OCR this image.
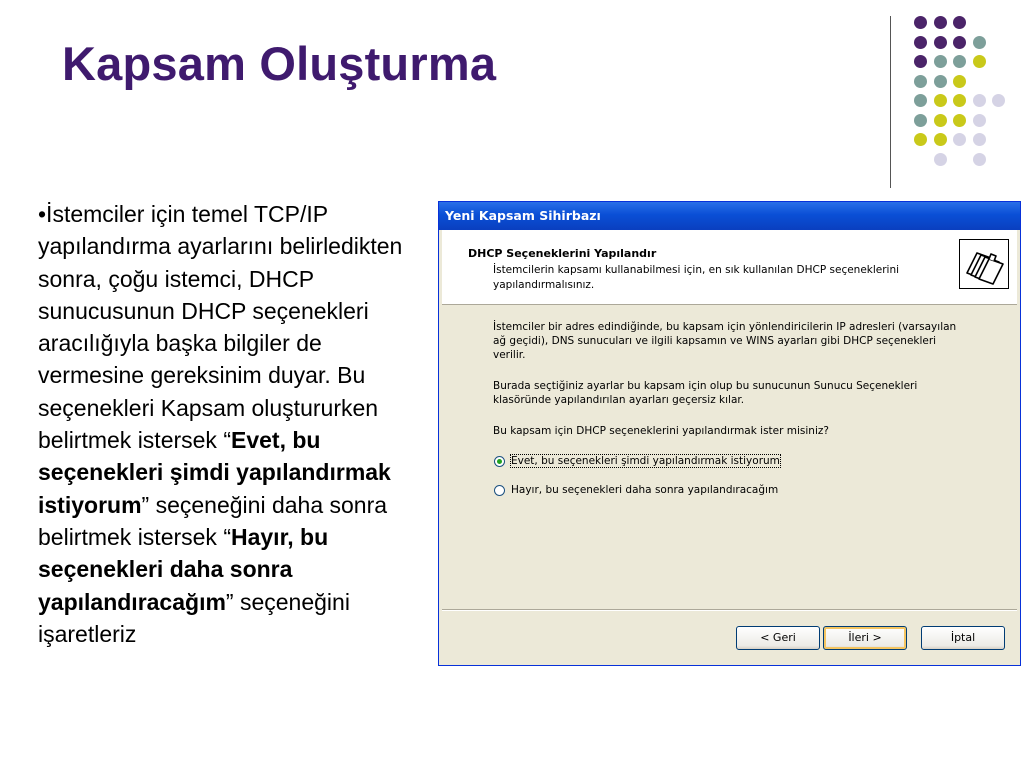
Kapsam Oluşturma

•İstemciler için temel TCP/IP yapılandırma ayarlarını belirledikten sonra, çoğu istemci, DHCP sunucusunun DHCP seçenekleri aracılığıyla başka bilgiler de vermesine gereksinim duyar. Bu seçenekleri Kapsam oluştururken belirtmek istersek “Evet, bu seçenekleri şimdi yapılandırmak istiyorum” seçeneğini daha sonra belirtmek istersek “Hayır, bu seçenekleri daha sonra yapılandıracağım” seçeneğini işaretleriz

Yeni Kapsam Sihirbazı
DHCP Seçeneklerini Yapılandır
İstemcilerin kapsamı kullanabilmesi için, en sık kullanılan DHCP seçeneklerini yapılandırmalısınız.

İstemciler bir adres edindiğinde, bu kapsam için yönlendiricilerin IP adresleri (varsayılan ağ geçidi), DNS sunucuları ve ilgili kapsamın ve WINS ayarları gibi DHCP seçenekleri verilir.

Burada seçtiğiniz ayarlar bu kapsam için olup bu sunucunun Sunucu Seçenekleri klasöründe yapılandırılan ayarları geçersiz kılar.

Bu kapsam için DHCP seçeneklerini yapılandırmak ister misiniz?

Evet, bu seçenekleri şimdi yapılandırmak istiyorum
Hayır, bu seçenekleri daha sonra yapılandıracağım
< Geri	İleri >	İptal
